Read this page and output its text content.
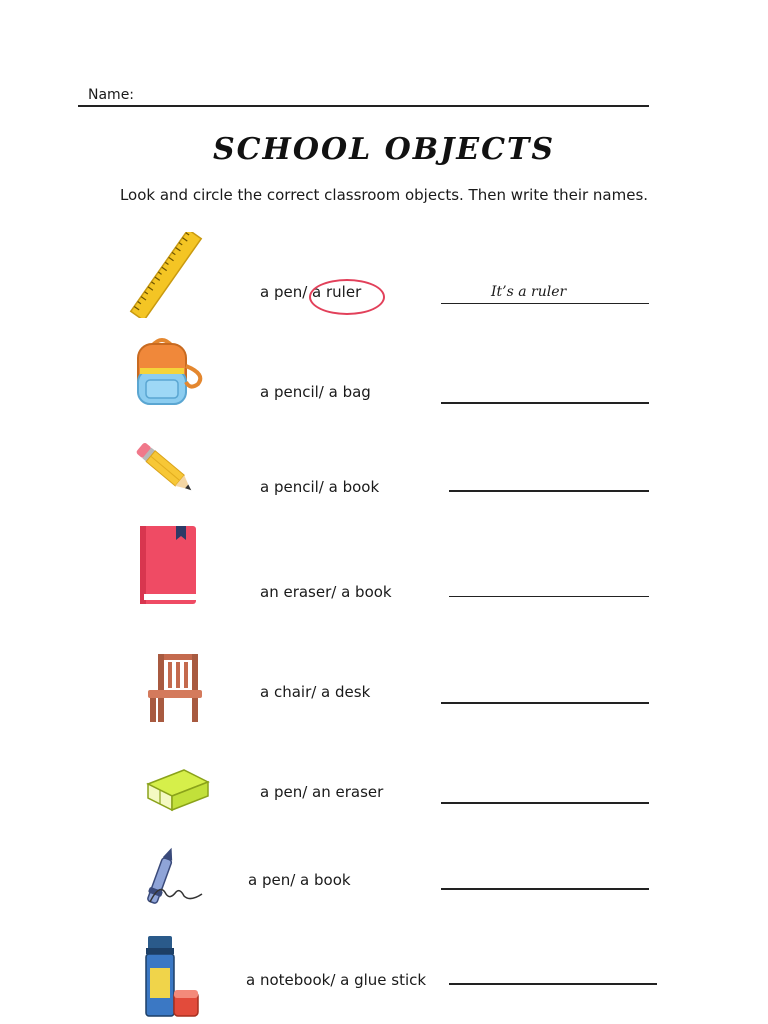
Name:
SCHOOL OBJECTS
Look and circle the correct classroom objects. Then write their names.
a pen/ a ruler	It’s a ruler
a pencil/ a bag
a pencil/ a book
an eraser/ a book
a chair/ a desk
a pen/ an eraser
a pen/ a book
a notebook/ a glue stick
